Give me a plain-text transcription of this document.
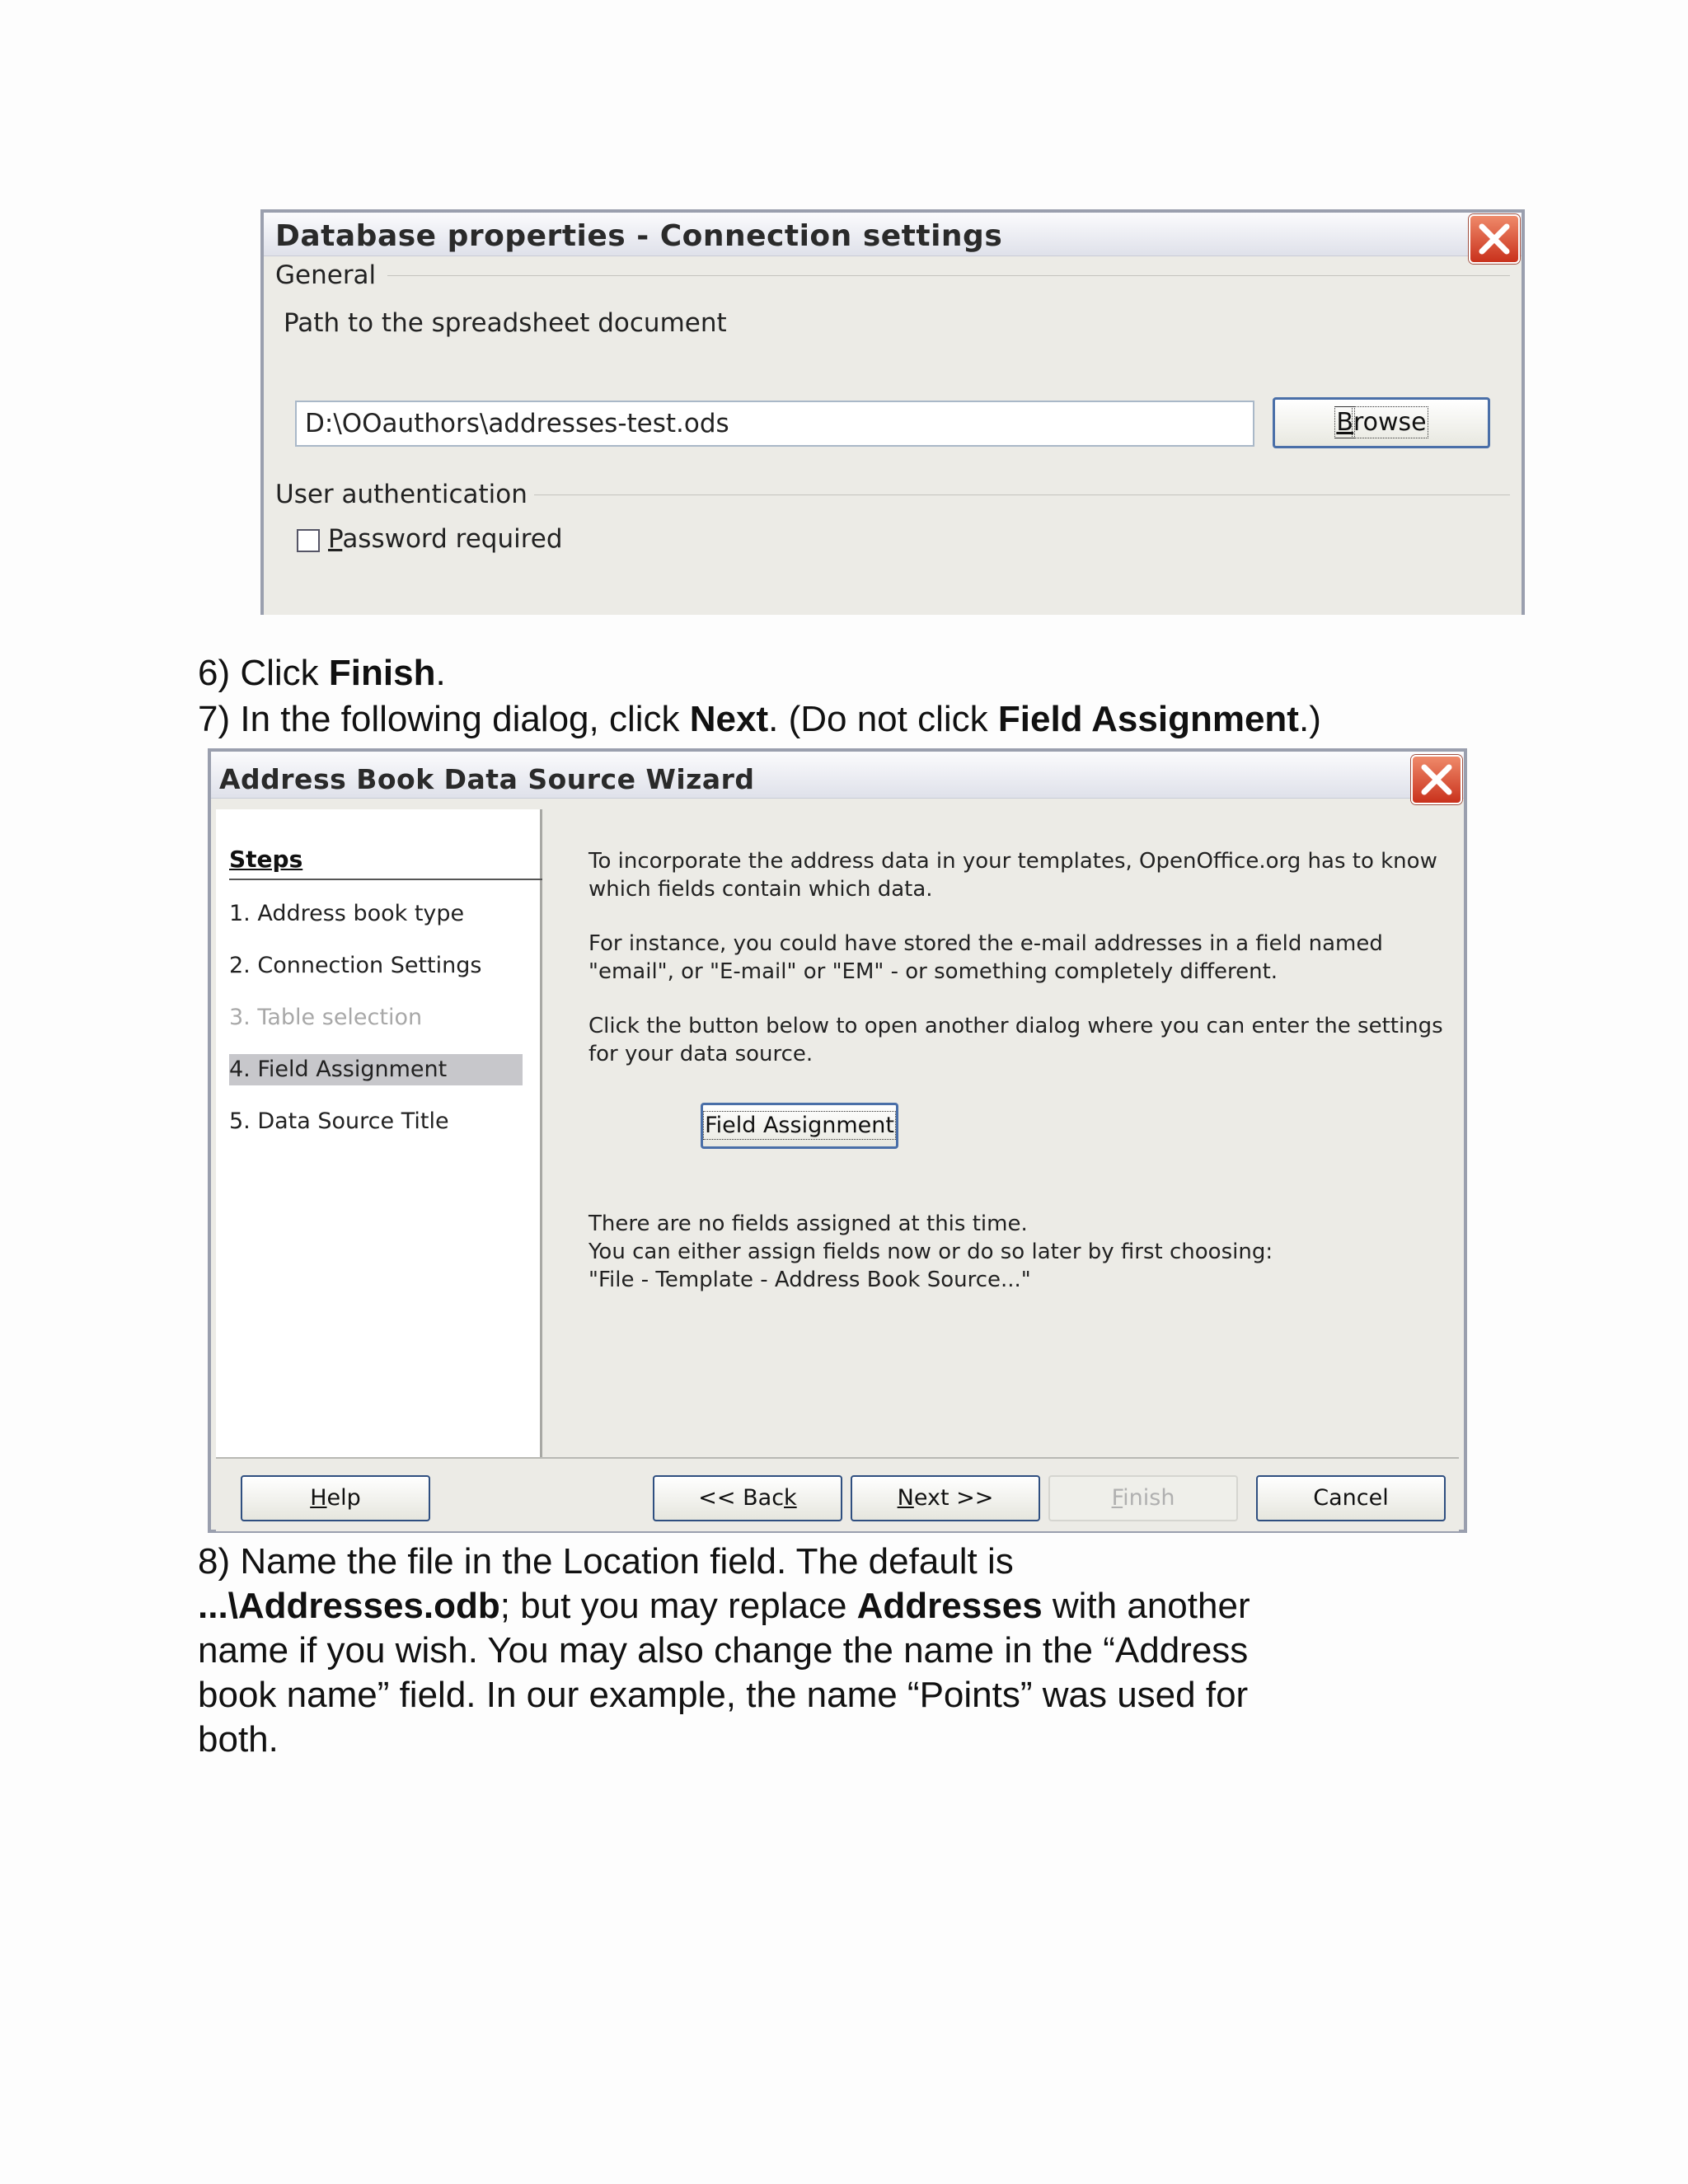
Database properties - Connection settings
General
Path to the spreadsheet document
D:\OOauthors\addresses-test.ods	Browse
User authentication
Password required
6) Click Finish.
7) In the following dialog, click Next. (Do not click Field Assignment.)
Address Book Data Source Wizard
Steps
1. Address book type
2. Connection Settings
3. Table selection
4. Field Assignment
5. Data Source Title
To incorporate the address data in your templates, OpenOffice.org has to know
which fields contain which data.
For instance, you could have stored the e-mail addresses in a field named
"email", or "E-mail" or "EM" - or something completely different.
Click the button below to open another dialog where you can enter the settings
for your data source.
There are no fields assigned at this time.
You can either assign fields now or do so later by first choosing:
"File - Template - Address Book Source..."
Help	<< Back	Next >>	Finish	Cancel
Field Assignment
8) Name the file in the Location field. The default is
...\Addresses.odb; but you may replace Addresses with another
name if you wish. You may also change the name in the “Address
book name” field. In our example, the name “Points” was used for
both.
